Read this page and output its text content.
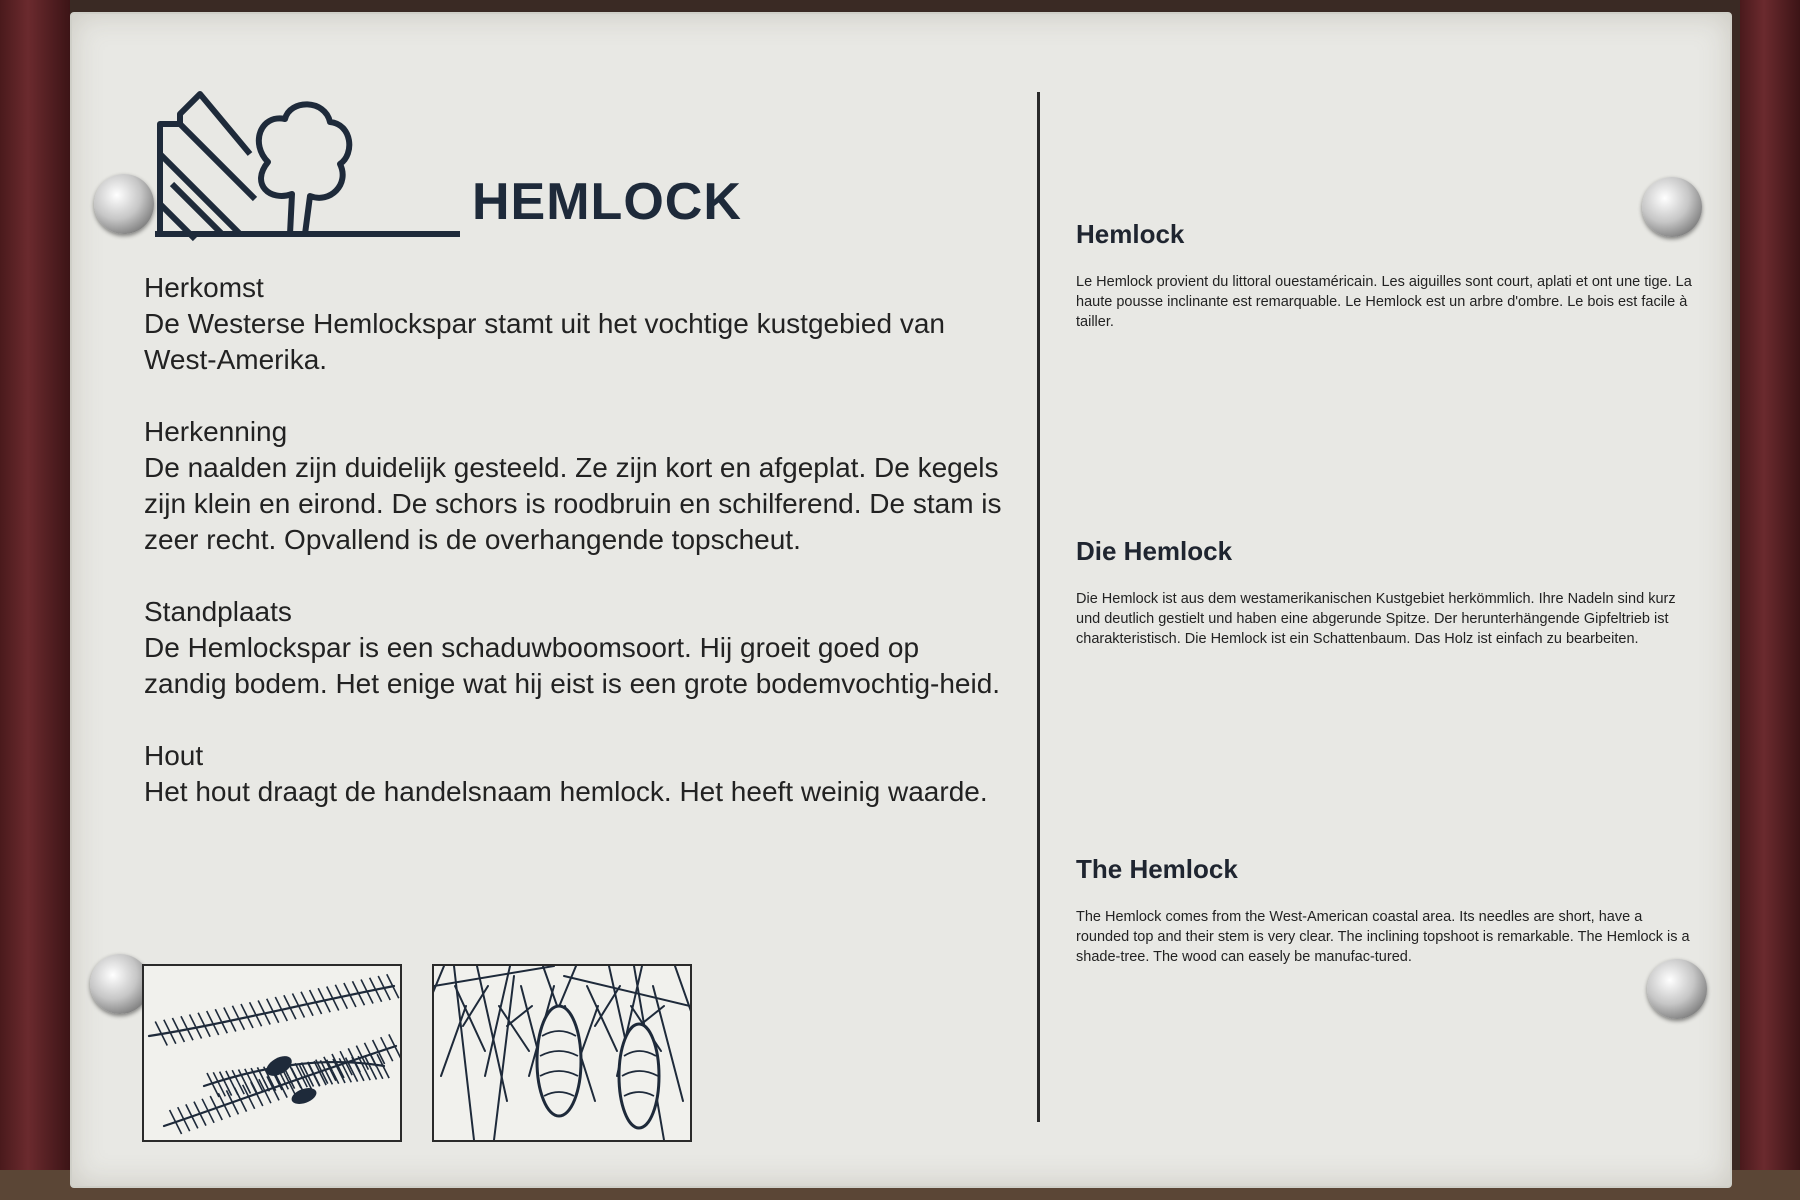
HEMLOCK

Herkomst
De Westerse Hemlockspar stamt uit het vochtige kustgebied van West-Amerika.

Herkenning
De naalden zijn duidelijk gesteeld. Ze zijn kort en afgeplat. De kegels zijn klein en eirond. De schors is roodbruin en schilferend. De stam is zeer recht. Opvallend is de overhangende topscheut.

Standplaats
De Hemlockspar is een schaduwboomsoort. Hij groeit goed op zandig bodem. Het enige wat hij eist is een grote bodemvochtig-heid.

Hout
Het hout draagt de handelsnaam hemlock. Het heeft weinig waarde.

Hemlock
Le Hemlock provient du littoral ouestaméricain. Les aiguilles sont court, aplati et ont une tige. La haute pousse inclinante est remarquable. Le Hemlock est un arbre d'ombre. Le bois est facile à tailler.
Die Hemlock
Die Hemlock ist aus dem westamerikanischen Kustgebiet herkömmlich. Ihre Nadeln sind kurz und deutlich gestielt und haben eine abgerunde Spitze. Der herunterhängende Gipfeltrieb ist charakteristisch. Die Hemlock ist ein Schattenbaum. Das Holz ist einfach zu bearbeiten.
The Hemlock
The Hemlock comes from the West-American coastal area. Its needles are short, have a rounded top and their stem is very clear. The inclining topshoot is remarkable. The Hemlock is a shade-tree. The wood can easely be manufac-tured.
